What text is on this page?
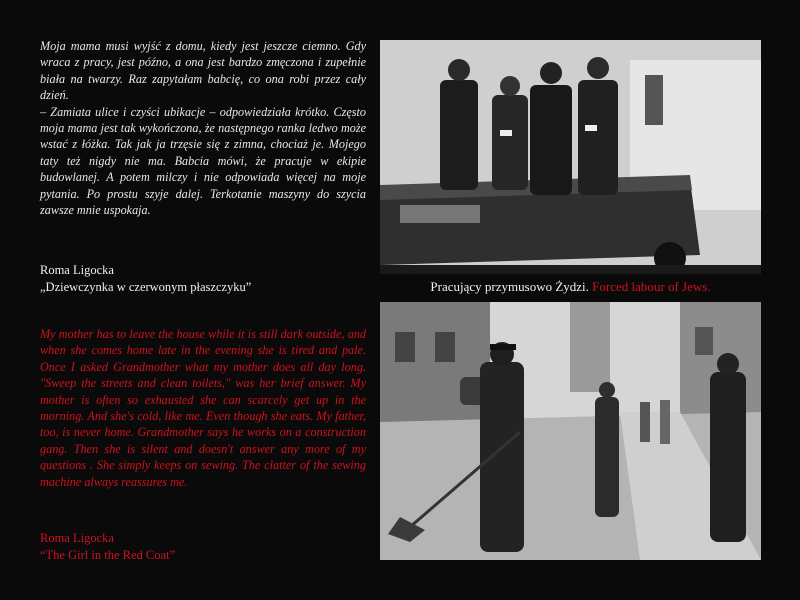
Moja mama musi wyjść z domu, kiedy jest jeszcze ciemno. Gdy wraca z pracy, jest późno, a ona jest bardzo zmęczona i zupełnie biała na twarzy. Raz zapytałam babcię, co ona robi przez cały dzień.

– Zamiata ulice i czyści ubikacje – odpowiedziała krótko. Często moja mama jest tak wykończona, że następnego ranka ledwo może wstać z łóżka. Tak jak ja trzęsie się z zimna, chociaż je. Mojego taty też nigdy nie ma. Babcia mówi, że pracuje w ekipie budowlanej. A potem milczy i nie odpowiada więcej na moje pytania. Po prostu szyje dalej. Terkotanie maszyny do szycia zawsze mnie uspokaja.

Roma Ligocka
„Dziewczynka w czerwonym płaszczyku”

My mother has to leave the house while it is still dark outside, and when she comes home late in the evening she is tired and pale. Once I asked Grandmother what my mother does all day long. "Sweep the streets and clean toilets," was her brief answer. My mother is often so exhausted she can scarcely get up in the morning. And she's cold, like me. Even though she eats. My father, too, is never home. Grandmother says he works on a construction gang. Then she is silent and doesn't answer any more of my questions . She simply keeps on sewing. The clatter of the sewing machine always reassures me.

Roma Ligocka
“The Girl in the Red Coat”
Pracujący przymusowo Żydzi. Forced labour of Jews.
